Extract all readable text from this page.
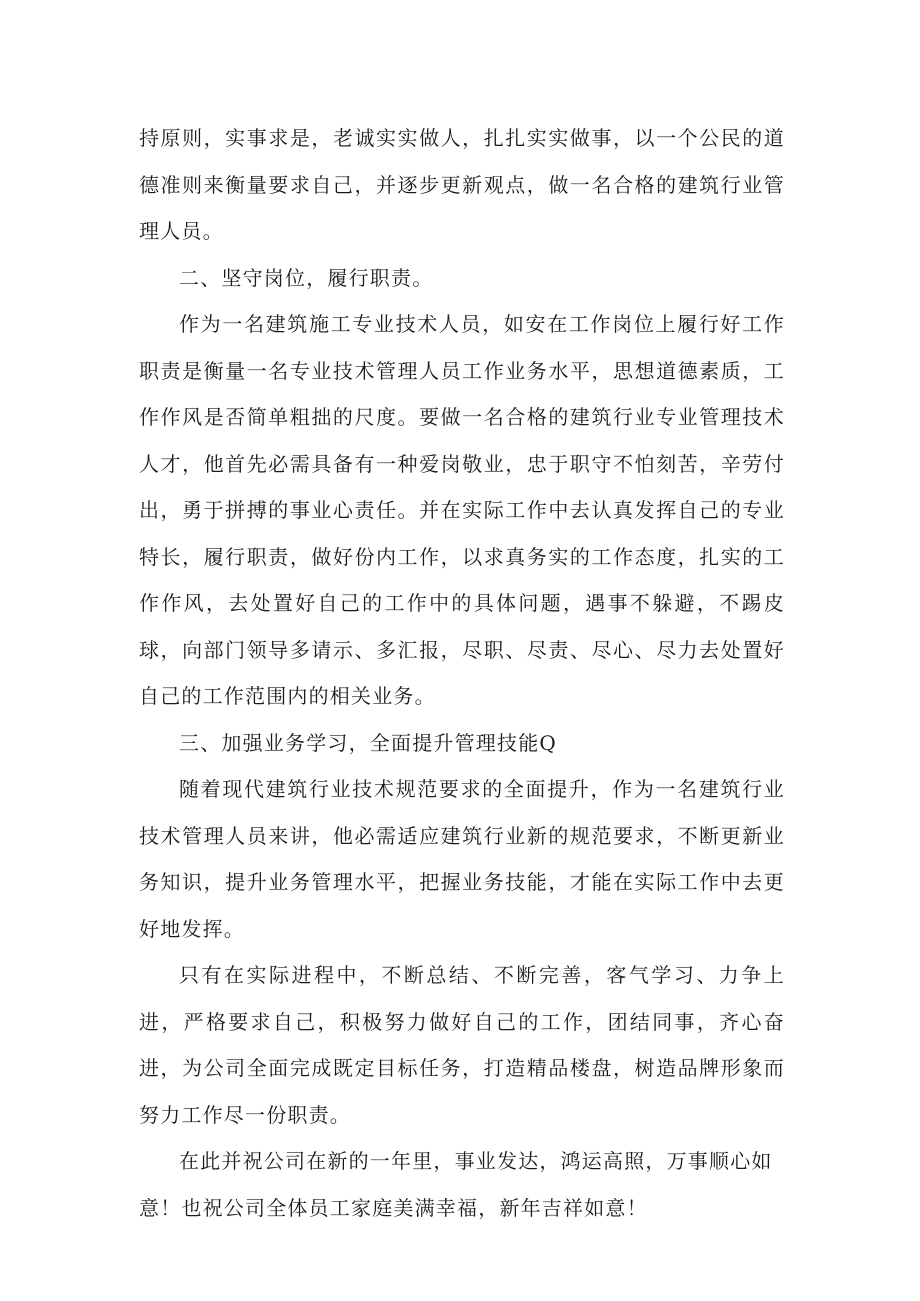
持原则，实事求是，老诚实实做人，扎扎实实做事，以一个公民的道德准则来衡量要求自己，并逐步更新观点，做一名合格的建筑行业管理人员。

二、坚守岗位，履行职责。

作为一名建筑施工专业技术人员，如安在工作岗位上履行好工作职责是衡量一名专业技术管理人员工作业务水平，思想道德素质，工作作风是否简单粗拙的尺度。要做一名合格的建筑行业专业管理技术人才，他首先必需具备有一种爱岗敬业，忠于职守不怕刻苦，辛劳付出，勇于拼搏的事业心责任。并在实际工作中去认真发挥自己的专业特长，履行职责，做好份内工作，以求真务实的工作态度，扎实的工作作风，去处置好自己的工作中的具体问题，遇事不躲避，不踢皮球，向部门领导多请示、多汇报，尽职、尽责、尽心、尽力去处置好自己的工作范围内的相关业务。

三、加强业务学习，全面提升管理技能Q

随着现代建筑行业技术规范要求的全面提升，作为一名建筑行业技术管理人员来讲，他必需适应建筑行业新的规范要求，不断更新业务知识，提升业务管理水平，把握业务技能，才能在实际工作中去更好地发挥。

只有在实际进程中，不断总结、不断完善，客气学习、力争上进，严格要求自己，积极努力做好自己的工作，团结同事，齐心奋进，为公司全面完成既定目标任务，打造精品楼盘，树造品牌形象而努力工作尽一份职责。

在此并祝公司在新的一年里，事业发达，鸿运高照，万事顺心如
意！也祝公司全体员工家庭美满幸福，新年吉祥如意！
